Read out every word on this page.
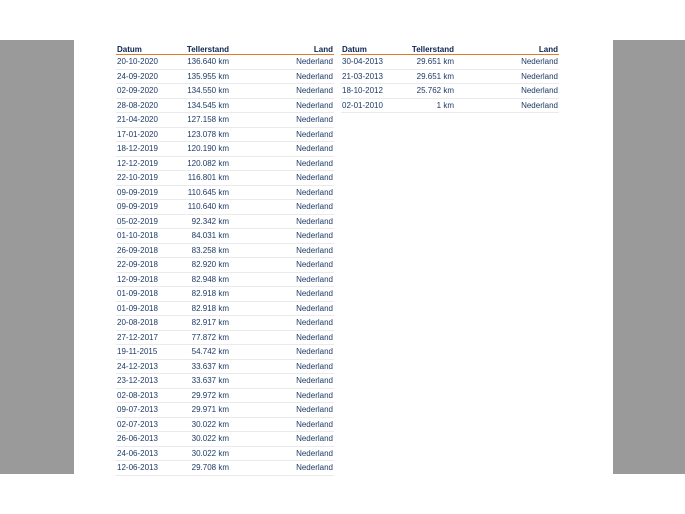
Datum	Tellerstand	Land
20-10-2020	136.640 km	Nederland
24-09-2020	135.955 km	Nederland
02-09-2020	134.550 km	Nederland
28-08-2020	134.545 km	Nederland
21-04-2020	127.158 km	Nederland
17-01-2020	123.078 km	Nederland
18-12-2019	120.190 km	Nederland
12-12-2019	120.082 km	Nederland
22-10-2019	116.801 km	Nederland
09-09-2019	110.645 km	Nederland
09-09-2019	110.640 km	Nederland
05-02-2019	92.342 km	Nederland
01-10-2018	84.031 km	Nederland
26-09-2018	83.258 km	Nederland
22-09-2018	82.920 km	Nederland
12-09-2018	82.948 km	Nederland
01-09-2018	82.918 km	Nederland
01-09-2018	82.918 km	Nederland
20-08-2018	82.917 km	Nederland
27-12-2017	77.872 km	Nederland
19-11-2015	54.742 km	Nederland
24-12-2013	33.637 km	Nederland
23-12-2013	33.637 km	Nederland
02-08-2013	29.972 km	Nederland
09-07-2013	29.971 km	Nederland
02-07-2013	30.022 km	Nederland
26-06-2013	30.022 km	Nederland
24-06-2013	30.022 km	Nederland
12-06-2013	29.708 km	Nederland
Datum	Tellerstand	Land
30-04-2013	29.651 km	Nederland
21-03-2013	29.651 km	Nederland
18-10-2012	25.762 km	Nederland
02-01-2010	1 km	Nederland
